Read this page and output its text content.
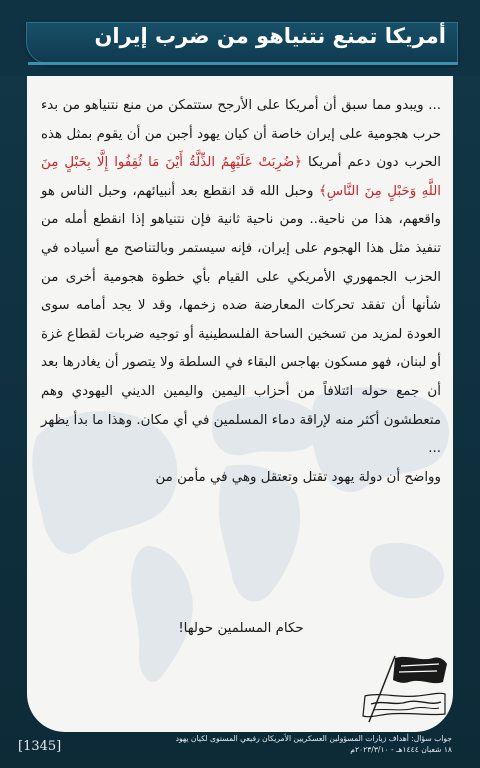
أمريكا تمنع نتنياهو من ضرب إيران
... ويبدو مما سبق أن أمريكا على الأرجح ستتمكن من منع نتنياهو من بدء حرب هجومية على إيران خاصة أن كيان يهود أجبن من أن يقوم بمثل هذه الحرب دون دعم أمريكا ﴿ضُرِبَتْ عَلَيْهِمُ الذِّلَّةُ أَيْنَ مَا ثُقِفُوا إِلَّا بِحَبْلٍ مِنَ اللَّهِ وَحَبْلٍ مِنَ النَّاسِ﴾ وحبل الله قد انقطع بعد أنبيائهم، وحبل الناس هو واقعهم، هذا من ناحية.. ومن ناحية ثانية فإن نتنياهو إذا انقطع أمله من تنفيذ مثل هذا الهجوم على إيران، فإنه سيستمر وبالتناصح مع أسياده في الحزب الجمهوري الأمريكي على القيام بأي خطوة هجومية أخرى من شأنها أن تفقد تحركات المعارضة ضده زخمها، وقد لا يجد أمامه سوى العودة لمزيد من تسخين الساحة الفلسطينية أو توجيه ضربات لقطاع غزة أو لبنان، فهو مسكون بهاجس البقاء في السلطة ولا يتصور أن يغادرها بعد أن جمع حوله ائتلافاً من أحزاب اليمين واليمين الديني اليهودي وهم متعطشون أكثر منه لإراقة دماء المسلمين في أي مكان. وهذا ما بدأ يظهر ...
وواضح أن دولة يهود تقتل وتعتقل وهي في مأمن من
حكام المسلمين حولها!
جواب سؤال: أهداف زيارات المسؤولين العسكريين الأمريكان رفيعي المستوى لكيان يهود
١٨ شعبان ١٤٤٤هـ - ٢٠٢٣/٣/١٠م
[1345]
